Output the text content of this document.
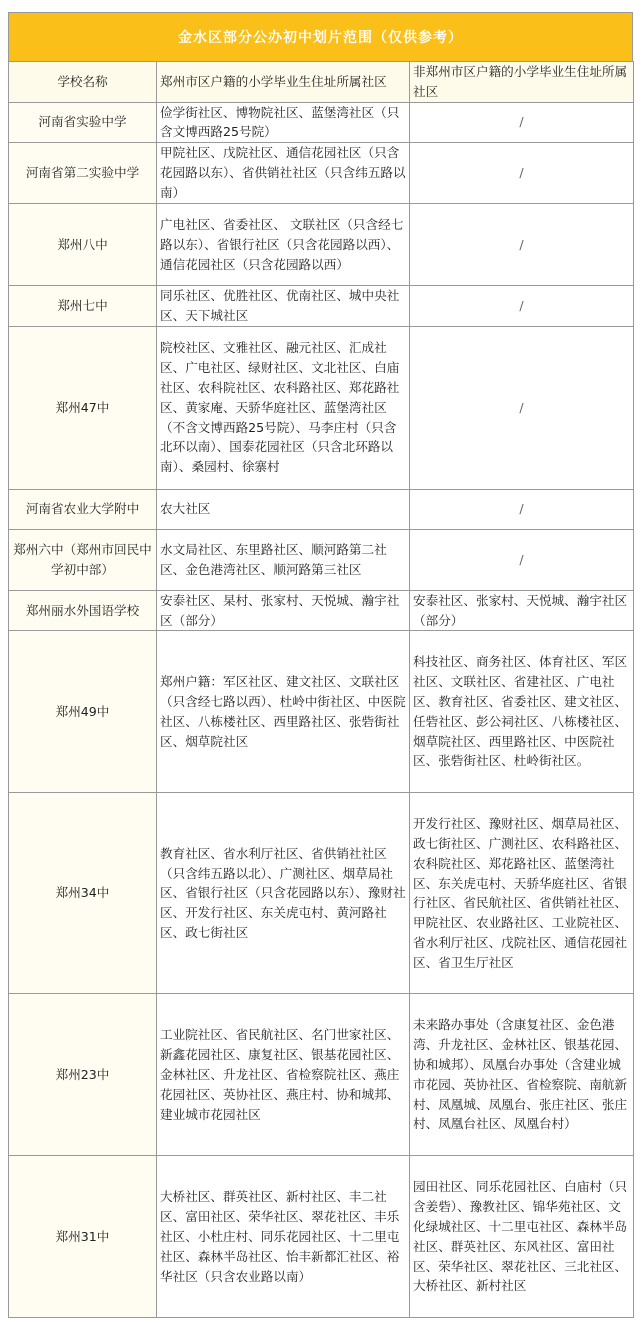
金水区部分公办初中划片范围（仅供参考）
学校名称	郑州市区户籍的小学毕业生住址所属社区	非郑州市区户籍的小学毕业生住址所属社区
河南省实验中学	俭学街社区、博物院社区、蓝堡湾社区（只含文博西路25号院）	/
河南省第二实验中学	甲院社区、戊院社区、通信花园社区（只含花园路以东）、省供销社社区（只含纬五路以南）	/
郑州八中	广电社区、省委社区、 文联社区（只含经七路以东）、省银行社区（只含花园路以西）、通信花园社区（只含花园路以西）	/
郑州七中	同乐社区、优胜社区、优南社区、城中央社区、天下城社区	/
郑州47中	院校社区、文雅社区、融元社区、汇成社区、广电社区、绿财社区、文北社区、白庙社区、农科院社区、农科路社区、郑花路社区、黄家庵、天骄华庭社区、蓝堡湾社区（不含文博西路25号院）、马李庄村（只含北环以南）、国泰花园社区（只含北环路以南）、桑园村、徐寨村	/
河南省农业大学附中	农大社区	/
郑州六中（郑州市回民中学初中部）	水文局社区、东里路社区、顺河路第二社区、金色港湾社区、顺河路第三社区	/
郑州丽水外国语学校	安泰社区、杲村、张家村、天悦城、瀚宇社区（部分）	安泰社区、张家村、天悦城、瀚宇社区（部分）
郑州49中	郑州户籍：军区社区、建文社区、文联社区（只含经七路以西）、杜岭中街社区、中医院社区、八栋楼社区、西里路社区、张砦街社区、烟草院社区	科技社区、商务社区、体育社区、军区社区、文联社区、省建社区、广电社区、教育社区、省委社区、建文社区、任砦社区、彭公祠社区、八栋楼社区、烟草院社区、西里路社区、中医院社区、张砦街社区、杜岭街社区。
郑州34中	教育社区、省水利厅社区、省供销社社区（只含纬五路以北）、广测社区、烟草局社区、省银行社区（只含花园路以东）、豫财社区、开发行社区、东关虎屯村、黄河路社区、政七街社区	开发行社区、豫财社区、烟草局社区、政七街社区、广测社区、农科路社区、农科院社区、郑花路社区、蓝堡湾社区、东关虎屯村、天骄华庭社区、省银行社区、省民航社区、省供销社社区、甲院社区、农业路社区、工业院社区、省水利厅社区、戊院社区、通信花园社区、省卫生厅社区
郑州23中	工业院社区、省民航社区、名门世家社区、新鑫花园社区、康复社区、银基花园社区、金林社区、升龙社区、省检察院社区、燕庄花园社区、英协社区、燕庄村、协和城邦、建业城市花园社区	未来路办事处（含康复社区、金色港湾、升龙社区、金林社区、银基花园、协和城邦）、凤凰台办事处（含建业城市花园、英协社区、省检察院、南航新村、凤凰城、凤凰台、张庄社区、张庄村、凤凰台社区、凤凰台村）
郑州31中	大桥社区、群英社区、新村社区、丰二社区、富田社区、荣华社区、翠花社区、丰乐社区、小杜庄村、同乐花园社区、十二里屯社区、森林半岛社区、怡丰新都汇社区、裕华社区（只含农业路以南）	园田社区、同乐花园社区、白庙村（只含姜砦）、豫教社区、锦华苑社区、文化绿城社区、十二里屯社区、森林半岛社区、群英社区、东风社区、富田社区、荣华社区、翠花社区、三北社区、大桥社区、新村社区
